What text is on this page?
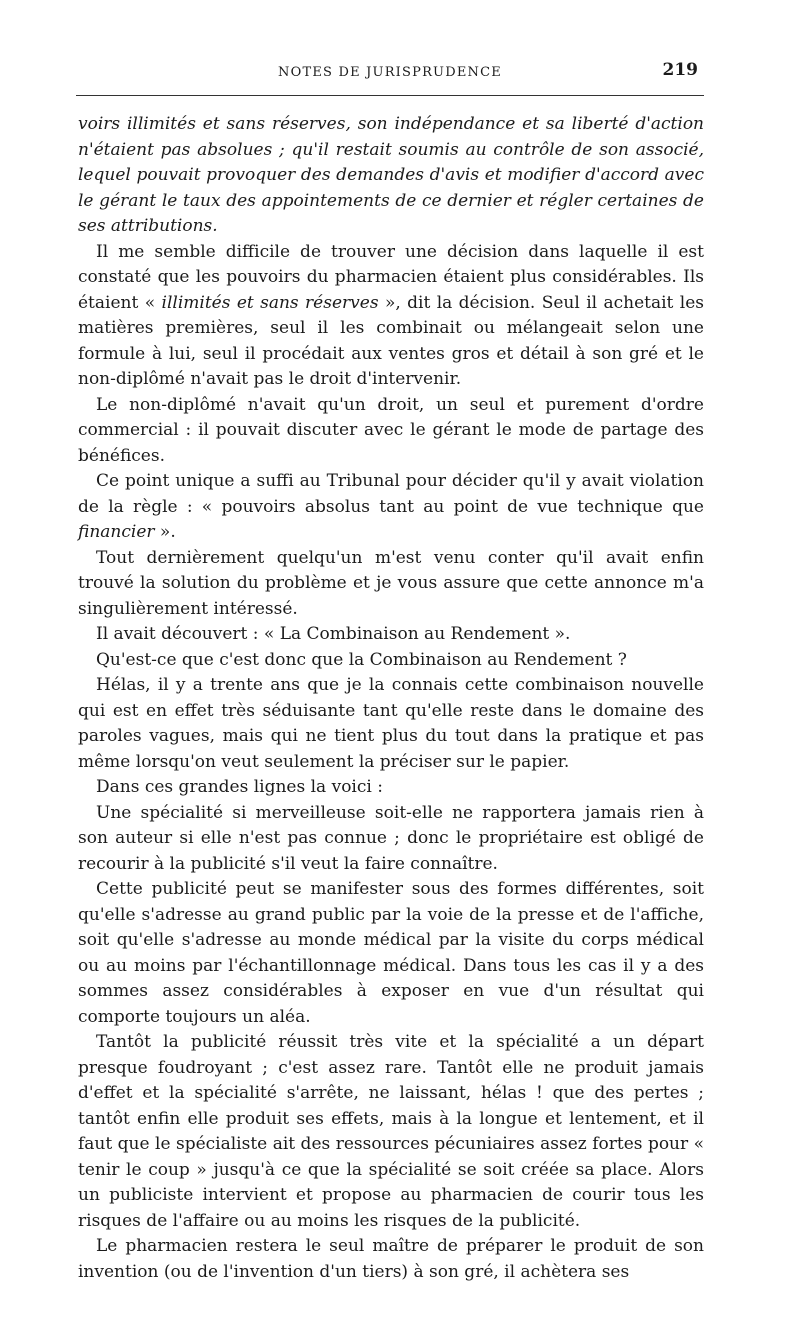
NOTES DE JURISPRUDENCE	219

voirs illimités et sans réserves, son indépendance et sa liberté d'action n'étaient pas absolues ; qu'il restait soumis au contrôle de son associé, lequel pouvait provoquer des demandes d'avis et modifier d'accord avec le gérant le taux des appointements de ce dernier et régler certaines de ses attributions.

Il me semble difficile de trouver une décision dans laquelle il est constaté que les pouvoirs du pharmacien étaient plus considérables. Ils étaient « illimités et sans réserves », dit la décision. Seul il achetait les matières premières, seul il les combinait ou mélangeait selon une formule à lui, seul il procédait aux ventes gros et détail à son gré et le non-diplômé n'avait pas le droit d'intervenir.

Le non-diplômé n'avait qu'un droit, un seul et purement d'ordre commercial : il pouvait discuter avec le gérant le mode de partage des bénéfices.

Ce point unique a suffi au Tribunal pour décider qu'il y avait violation de la règle : « pouvoirs absolus tant au point de vue technique que financier ».

Tout dernièrement quelqu'un m'est venu conter qu'il avait enfin trouvé la solution du problème et je vous assure que cette annonce m'a singulièrement intéressé.

Il avait découvert : « La Combinaison au Rendement ».

Qu'est-ce que c'est donc que la Combinaison au Rendement ?

Hélas, il y a trente ans que je la connais cette combinaison nouvelle qui est en effet très séduisante tant qu'elle reste dans le domaine des paroles vagues, mais qui ne tient plus du tout dans la pratique et pas même lorsqu'on veut seulement la préciser sur le papier.

Dans ces grandes lignes la voici :

Une spécialité si merveilleuse soit-elle ne rapportera jamais rien à son auteur si elle n'est pas connue ; donc le propriétaire est obligé de recourir à la publicité s'il veut la faire connaître.

Cette publicité peut se manifester sous des formes différentes, soit qu'elle s'adresse au grand public par la voie de la presse et de l'affiche, soit qu'elle s'adresse au monde médical par la visite du corps médical ou au moins par l'échantillonnage médical. Dans tous les cas il y a des sommes assez considérables à exposer en vue d'un résultat qui comporte toujours un aléa.

Tantôt la publicité réussit très vite et la spécialité a un départ presque foudroyant ; c'est assez rare. Tantôt elle ne produit jamais d'effet et la spécialité s'arrête, ne laissant, hélas ! que des pertes ; tantôt enfin elle produit ses effets, mais à la longue et lentement, et il faut que le spécialiste ait des ressources pécuniaires assez fortes pour « tenir le coup » jusqu'à ce que la spécialité se soit créée sa place. Alors un publiciste intervient et propose au pharmacien de courir tous les risques de l'affaire ou au moins les risques de la publicité.

Le pharmacien restera le seul maître de préparer le produit de son invention (ou de l'invention d'un tiers) à son gré, il achètera ses
